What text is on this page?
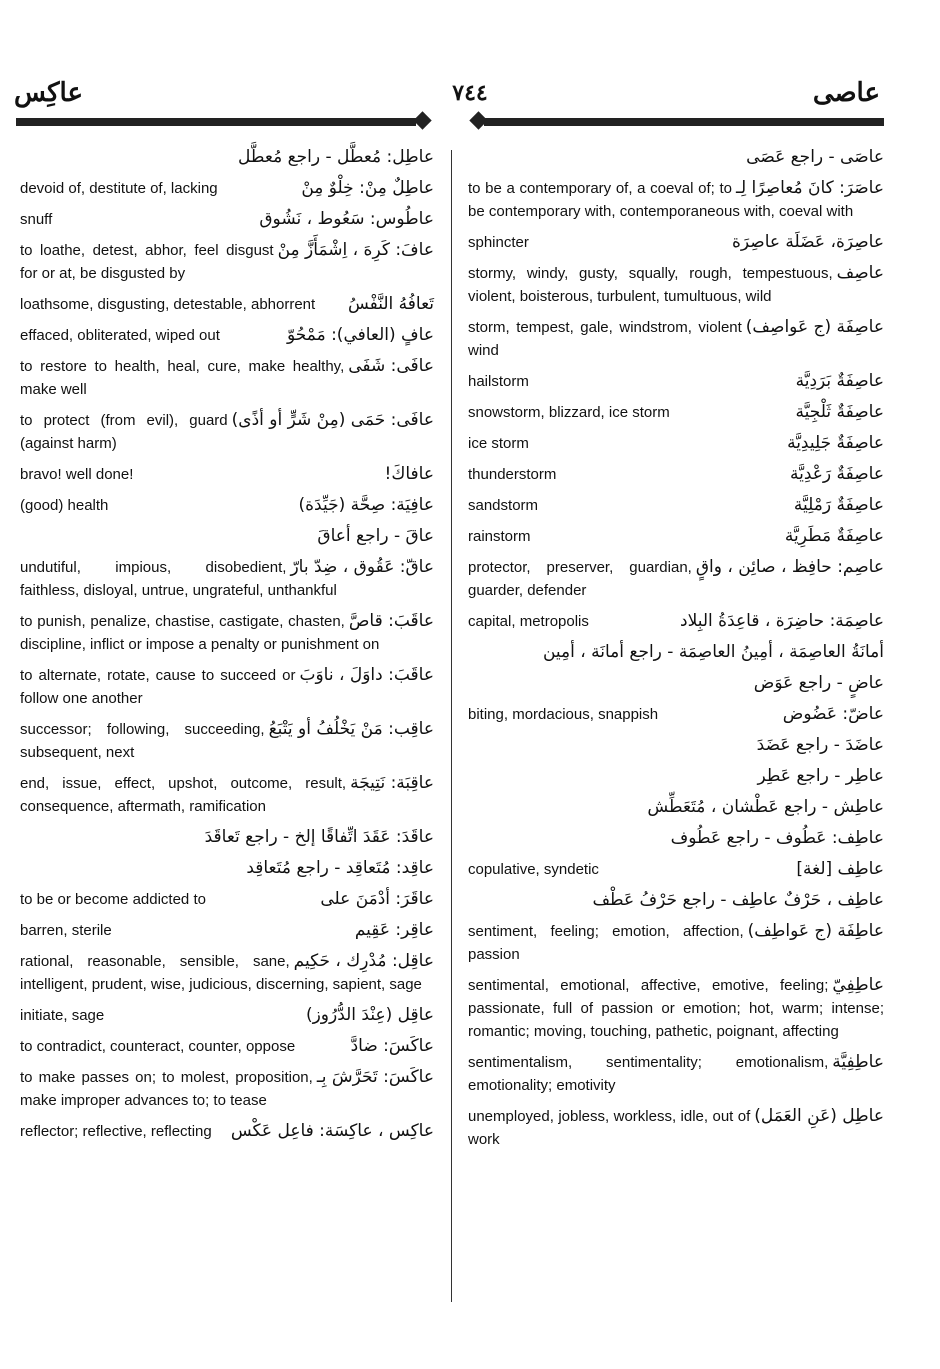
عاكِس	٧٤٤	عاصى
عاطِل: مُعطَّل - راجع مُعطَّل
عاطِلٌ مِنْ: خِلْوٌ مِنْ
devoid of, destitute of, lacking
عاطُوس: سَعُوط ، نَشُوق
snuff
عافَ: كَرِهَ ، اِشْمَأَزَّ مِنْ
to loathe, detest, abhor, feel disgust for or at, be disgusted by
تَعافُهُ النَّفْسُ
loathsome, disgusting, detestable, abhorrent
عافٍ (العافي): مَمْحُوّ
effaced, obliterated, wiped out
عافَى: شَفَى
to restore to health, heal, cure, make healthy, make well
عافَى: حَمَى (مِنْ شَرٍّ أو أذًى)
to protect (from evil), guard (against harm)
عافاكَ!
bravo! well done!
عافِيَة: صِحَّة (جَيِّدَة)
(good) health
عاقَ - راجع أعاقَ
عاقّ: عَقُوق ، ضِدّ بارّ
undutiful, impious, disobedient, faithless, disloyal, untrue, ungrateful, unthankful
عاقَبَ: قاصَّ
to punish, penalize, chastise, castigate, chasten, discipline, inflict or impose a penalty or punishment on
عاقَبَ: داوَلَ ، ناوَبَ
to alternate, rotate, cause to succeed or follow one another
عاقِب: مَنْ يَخْلُفُ أو يَتْبَعُ
successor; following, succeeding, subsequent, next
عاقِبَة: نَتِيجَة
end, issue, effect, upshot, outcome, result, consequence, aftermath, ramification
عاقَدَ: عَقَدَ اتِّفاقًا إلخ - راجع تَعاقَدَ
عاقِد: مُتَعاقِد - راجع مُتَعاقِد
عاقَرَ: أدْمَنَ على
to be or become addicted to
عاقِر: عَقِيم
barren, sterile
عاقِل: مُدْرِك ، حَكِيم
rational, reasonable, sensible, sane, intelligent, prudent, wise, judicious, discerning, sapient, sage
عاقِل (عِنْدَ الدُّرُوز)
initiate, sage
عاكَسَ: ضادَّ
to contradict, counteract, counter, oppose
عاكَسَ: تَحَرَّشَ بِـ
to make passes on; to molest, proposition, make improper advances to; to tease
عاكِس ، عاكِسَة: فاعِل عَكْس
reflector; reflective, reflecting
عاصَى - راجع عَصَى
عاصَرَ: كانَ مُعاصِرًا لِـ
to be a contemporary of, a coeval of; to be contemporary with, contemporaneous with, coeval with
عاصِرَة، عَضَلَة عاصِرَة
sphincter
عاصِف
stormy, windy, gusty, squally, rough, tempestuous, violent, boisterous, turbulent, tumultuous, wild
عاصِفَة (ج عَواصِف)
storm, tempest, gale, windstrom, violent wind
عاصِفَةٌ بَرَدِيَّة
hailstorm
عاصِفَةٌ ثَلْجِيَّة
snowstorm, blizzard, ice storm
عاصِفَةٌ جَلِيدِيَّة
ice storm
عاصِفَةٌ رَعْدِيَّة
thunderstorm
عاصِفَةٌ رَمْلِيَّة
sandstorm
عاصِفَةٌ مَطَرِيَّة
rainstorm
عاصِم: حافِظ ، صائِن ، واقٍ
protector, preserver, guardian, guarder, defender
عاصِمَة: حاضِرَة ، قاعِدَةُ البِلاد
capital, metropolis
أمانَةُ العاصِمَة ، أمِينُ العاصِمَة - راجع أمانَة ، أمِين
عاضٍ - راجع عَوَض
عاضّ: عَضُوض
biting, mordacious, snappish
عاضَدَ - راجع عَضَدَ
عاطِر - راجع عَطِر
عاطِش - راجع عَطْشان ، مُتَعَطِّش
عاطِف: عَطُوف - راجع عَطُوف
عاطِف [لغة]
copulative, syndetic
عاطِف ، حَرْفٌ عاطِف - راجع حَرْفُ عَطْف
عاطِفَة (ج عَواطِف)
sentiment, feeling; emotion, affection, passion
عاطِفِيّ
sentimental, emotional, affective, emotive, feeling; passionate, full of passion or emotion; hot, warm; intense; romantic; moving, touching, pathetic, poignant, affecting
عاطِفِيَّة
sentimentalism, sentimentality; emotionalism, emotionality; emotivity
عاطِل (عَنِ العَمَل)
unemployed, jobless, workless, idle, out of work
